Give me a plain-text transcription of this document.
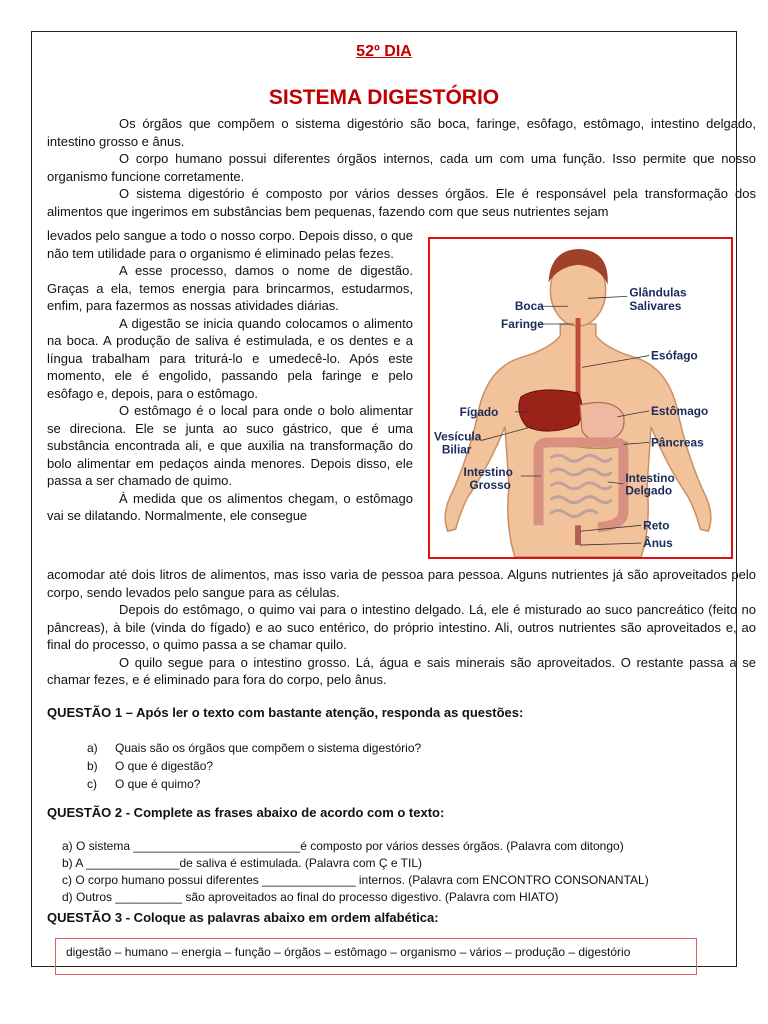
52º DIA
SISTEMA DIGESTÓRIO

Os órgãos que compõem o sistema digestório são boca, faringe, esôfago, estômago, intestino delgado, intestino grosso e ânus.

O corpo humano possui diferentes órgãos internos, cada um com uma função. Isso permite que nosso organismo funcione corretamente.

O sistema digestório é composto por vários desses órgãos. Ele é responsável pela transformação dos alimentos que ingerimos em substâncias bem pequenas, fazendo com que seus nutrientes sejam

levados pelo sangue a todo o nosso corpo. Depois disso, o que não tem utilidade para o organismo é eliminado pelas fezes.

A esse processo, damos o nome de digestão. Graças a ela, temos energia para brincarmos, estudarmos, enfim, para fazermos as nossas atividades diárias.

A digestão se inicia quando colocamos o alimento na boca. A produção de saliva é estimulada, e os dentes e a língua trabalham para triturá-lo e umedecê-lo. Após este momento, ele é engolido, passando pela faringe e pelo esôfago e, depois, para o estômago.

O estômago é o local para onde o bolo alimentar se direciona. Ele se junta ao suco gástrico, que é uma substância encontrada ali, e que auxilia na transformação do bolo alimentar em pedaços ainda menores. Depois disso, ele passa a ser chamado de quimo.

À medida que os alimentos chegam, o estômago vai se dilatando. Normalmente, ele consegue

acomodar até dois litros de alimentos, mas isso varia de pessoa para pessoa. Alguns nutrientes já são aproveitados pelo corpo, sendo levados pelo sangue para as células.

Depois do estômago, o quimo vai para o intestino delgado. Lá, ele é misturado ao suco pancreático (feito no pâncreas), à bile (vinda do fígado) e ao suco entérico, do próprio intestino. Ali, outros nutrientes são aproveitados e, ao final do processo, o quimo passa a se chamar quilo.

O quilo segue para o intestino grosso. Lá, água e sais minerais são aproveitados. O restante passa a se chamar fezes, e é eliminado para fora do corpo, pelo ânus.

Glândulas
Salivares
Boca
Faringe
Esófago
Fígado	Estômago
Vesícula
Biliar	Pâncreas
Intestino
Grosso	Intestino
Delgado
Reto
Ânus
QUESTÃO 1 – Após ler o texto com bastante atenção, responda as questões:
a)	Quais são os órgãos que compõem o sistema digestório?
b)	O que é digestão?
c)	O que é quimo?
QUESTÃO 2 - Complete as frases abaixo de acordo com o texto:
a) O sistema _________________________é composto por vários desses órgãos. (Palavra com ditongo)
b) A ______________de saliva é estimulada. (Palavra com Ç e TIL)
c) O corpo humano possui diferentes ______________ internos. (Palavra com ENCONTRO CONSONANTAL)
d) Outros __________ são aproveitados ao final do processo digestivo. (Palavra com HIATO)
QUESTÃO 3 - Coloque as palavras abaixo em ordem alfabética:
digestão – humano – energia – função – órgãos – estômago – organismo – vários – produção – digestório
